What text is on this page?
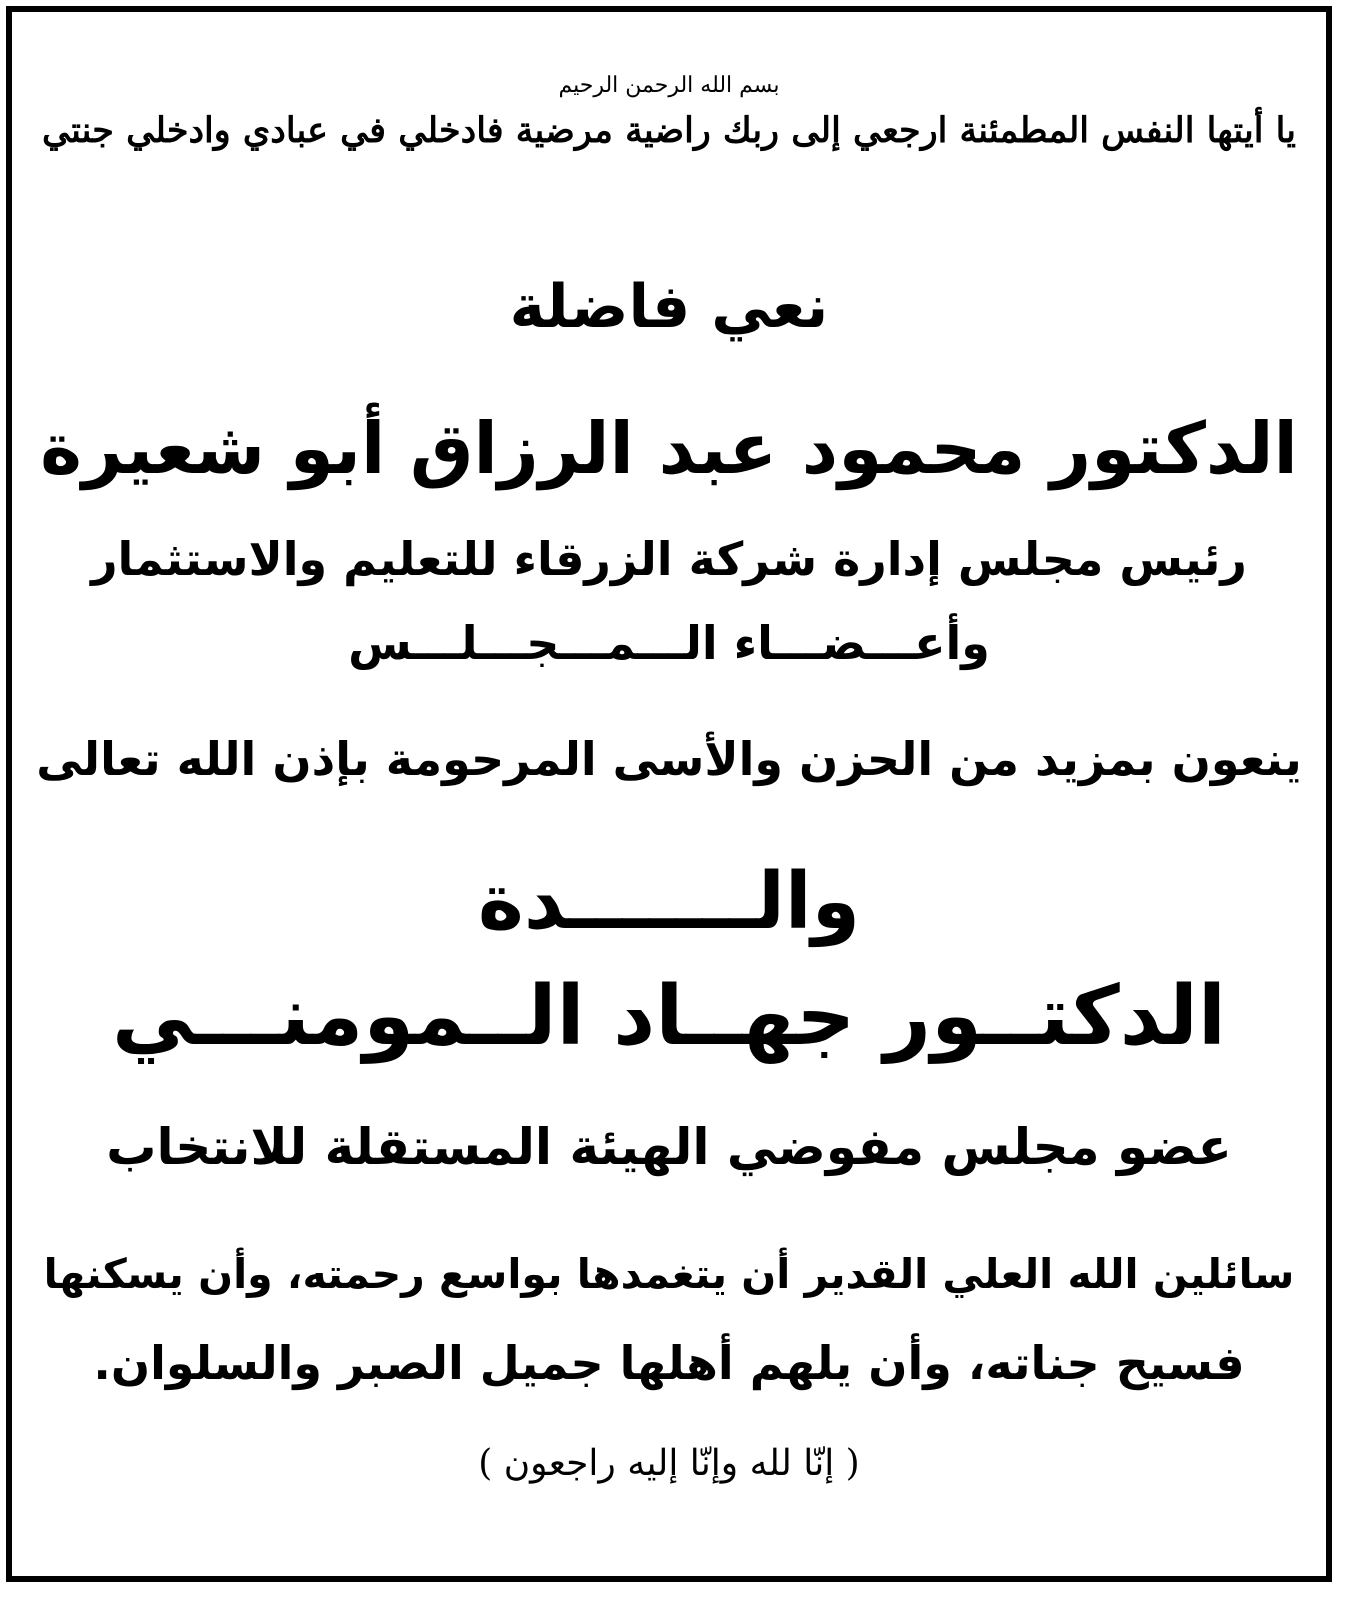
بسم الله الرحمن الرحيم
يا أيتها النفس المطمئنة ارجعي إلى ربك راضية مرضية فادخلي في عبادي وادخلي جنتي
نعي فاضلة
الدكتور محمود عبد الرزاق أبو شعيرة
رئيس مجلس إدارة شركة الزرقاء للتعليم والاستثمار
وأعـــضـــاء الـــمـــجـــلـــس
ينعون بمزيد من الحزن والأسى المرحومة بإذن الله تعالى
والـــــــدة
الدكتــور جهــاد الــمومنـــي
عضو مجلس مفوضي الهيئة المستقلة للانتخاب
سائلين الله العلي القدير أن يتغمدها بواسع رحمته، وأن يسكنها
فسيح جناته، وأن يلهم أهلها جميل الصبر والسلوان.
( إنّا لله وإنّا إليه راجعون )
